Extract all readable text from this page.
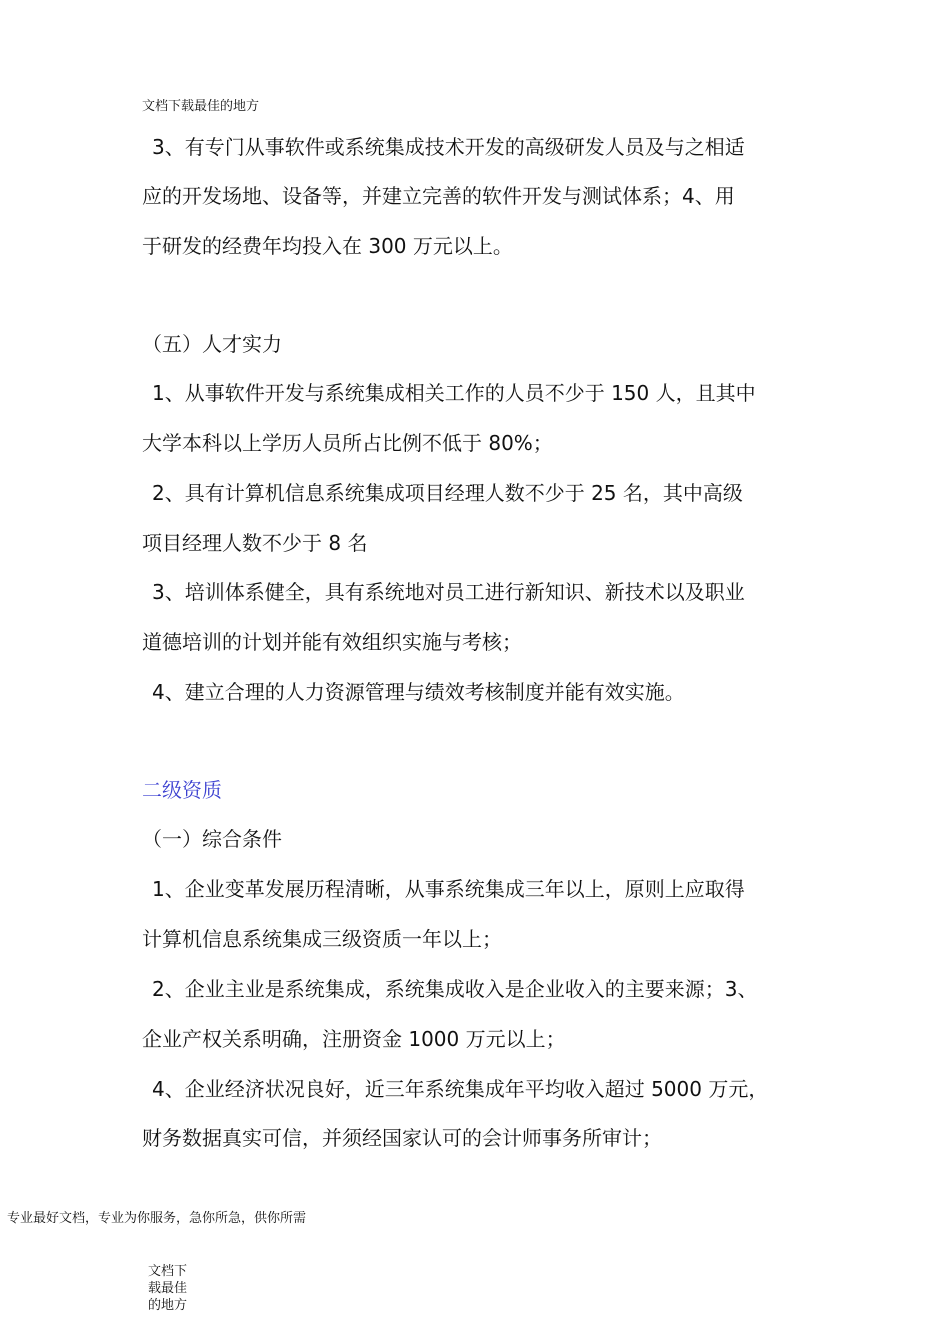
文档下载最佳的地方
3、有专门从事软件或系统集成技术开发的高级研发人员及与之相适
应的开发场地、设备等，并建立完善的软件开发与测试体系；4、用
于研发的经费年均投入在 300 万元以上。
（五）人才实力
1、从事软件开发与系统集成相关工作的人员不少于 150 人，且其中
大学本科以上学历人员所占比例不低于 80%；
2、具有计算机信息系统集成项目经理人数不少于 25 名，其中高级
项目经理人数不少于 8 名
3、培训体系健全，具有系统地对员工进行新知识、新技术以及职业
道德培训的计划并能有效组织实施与考核；
4、建立合理的人力资源管理与绩效考核制度并能有效实施。
二级资质
（一）综合条件
1、企业变革发展历程清晰，从事系统集成三年以上，原则上应取得
计算机信息系统集成三级资质一年以上；
2、企业主业是系统集成，系统集成收入是企业收入的主要来源；3、
企业产权关系明确，注册资金 1000 万元以上；
4、企业经济状况良好，近三年系统集成年平均收入超过 5000 万元，
财务数据真实可信，并须经国家认可的会计师事务所审计；
专业最好文档，专业为你服务，急你所急，供你所需
文档下
载最佳
的地方
